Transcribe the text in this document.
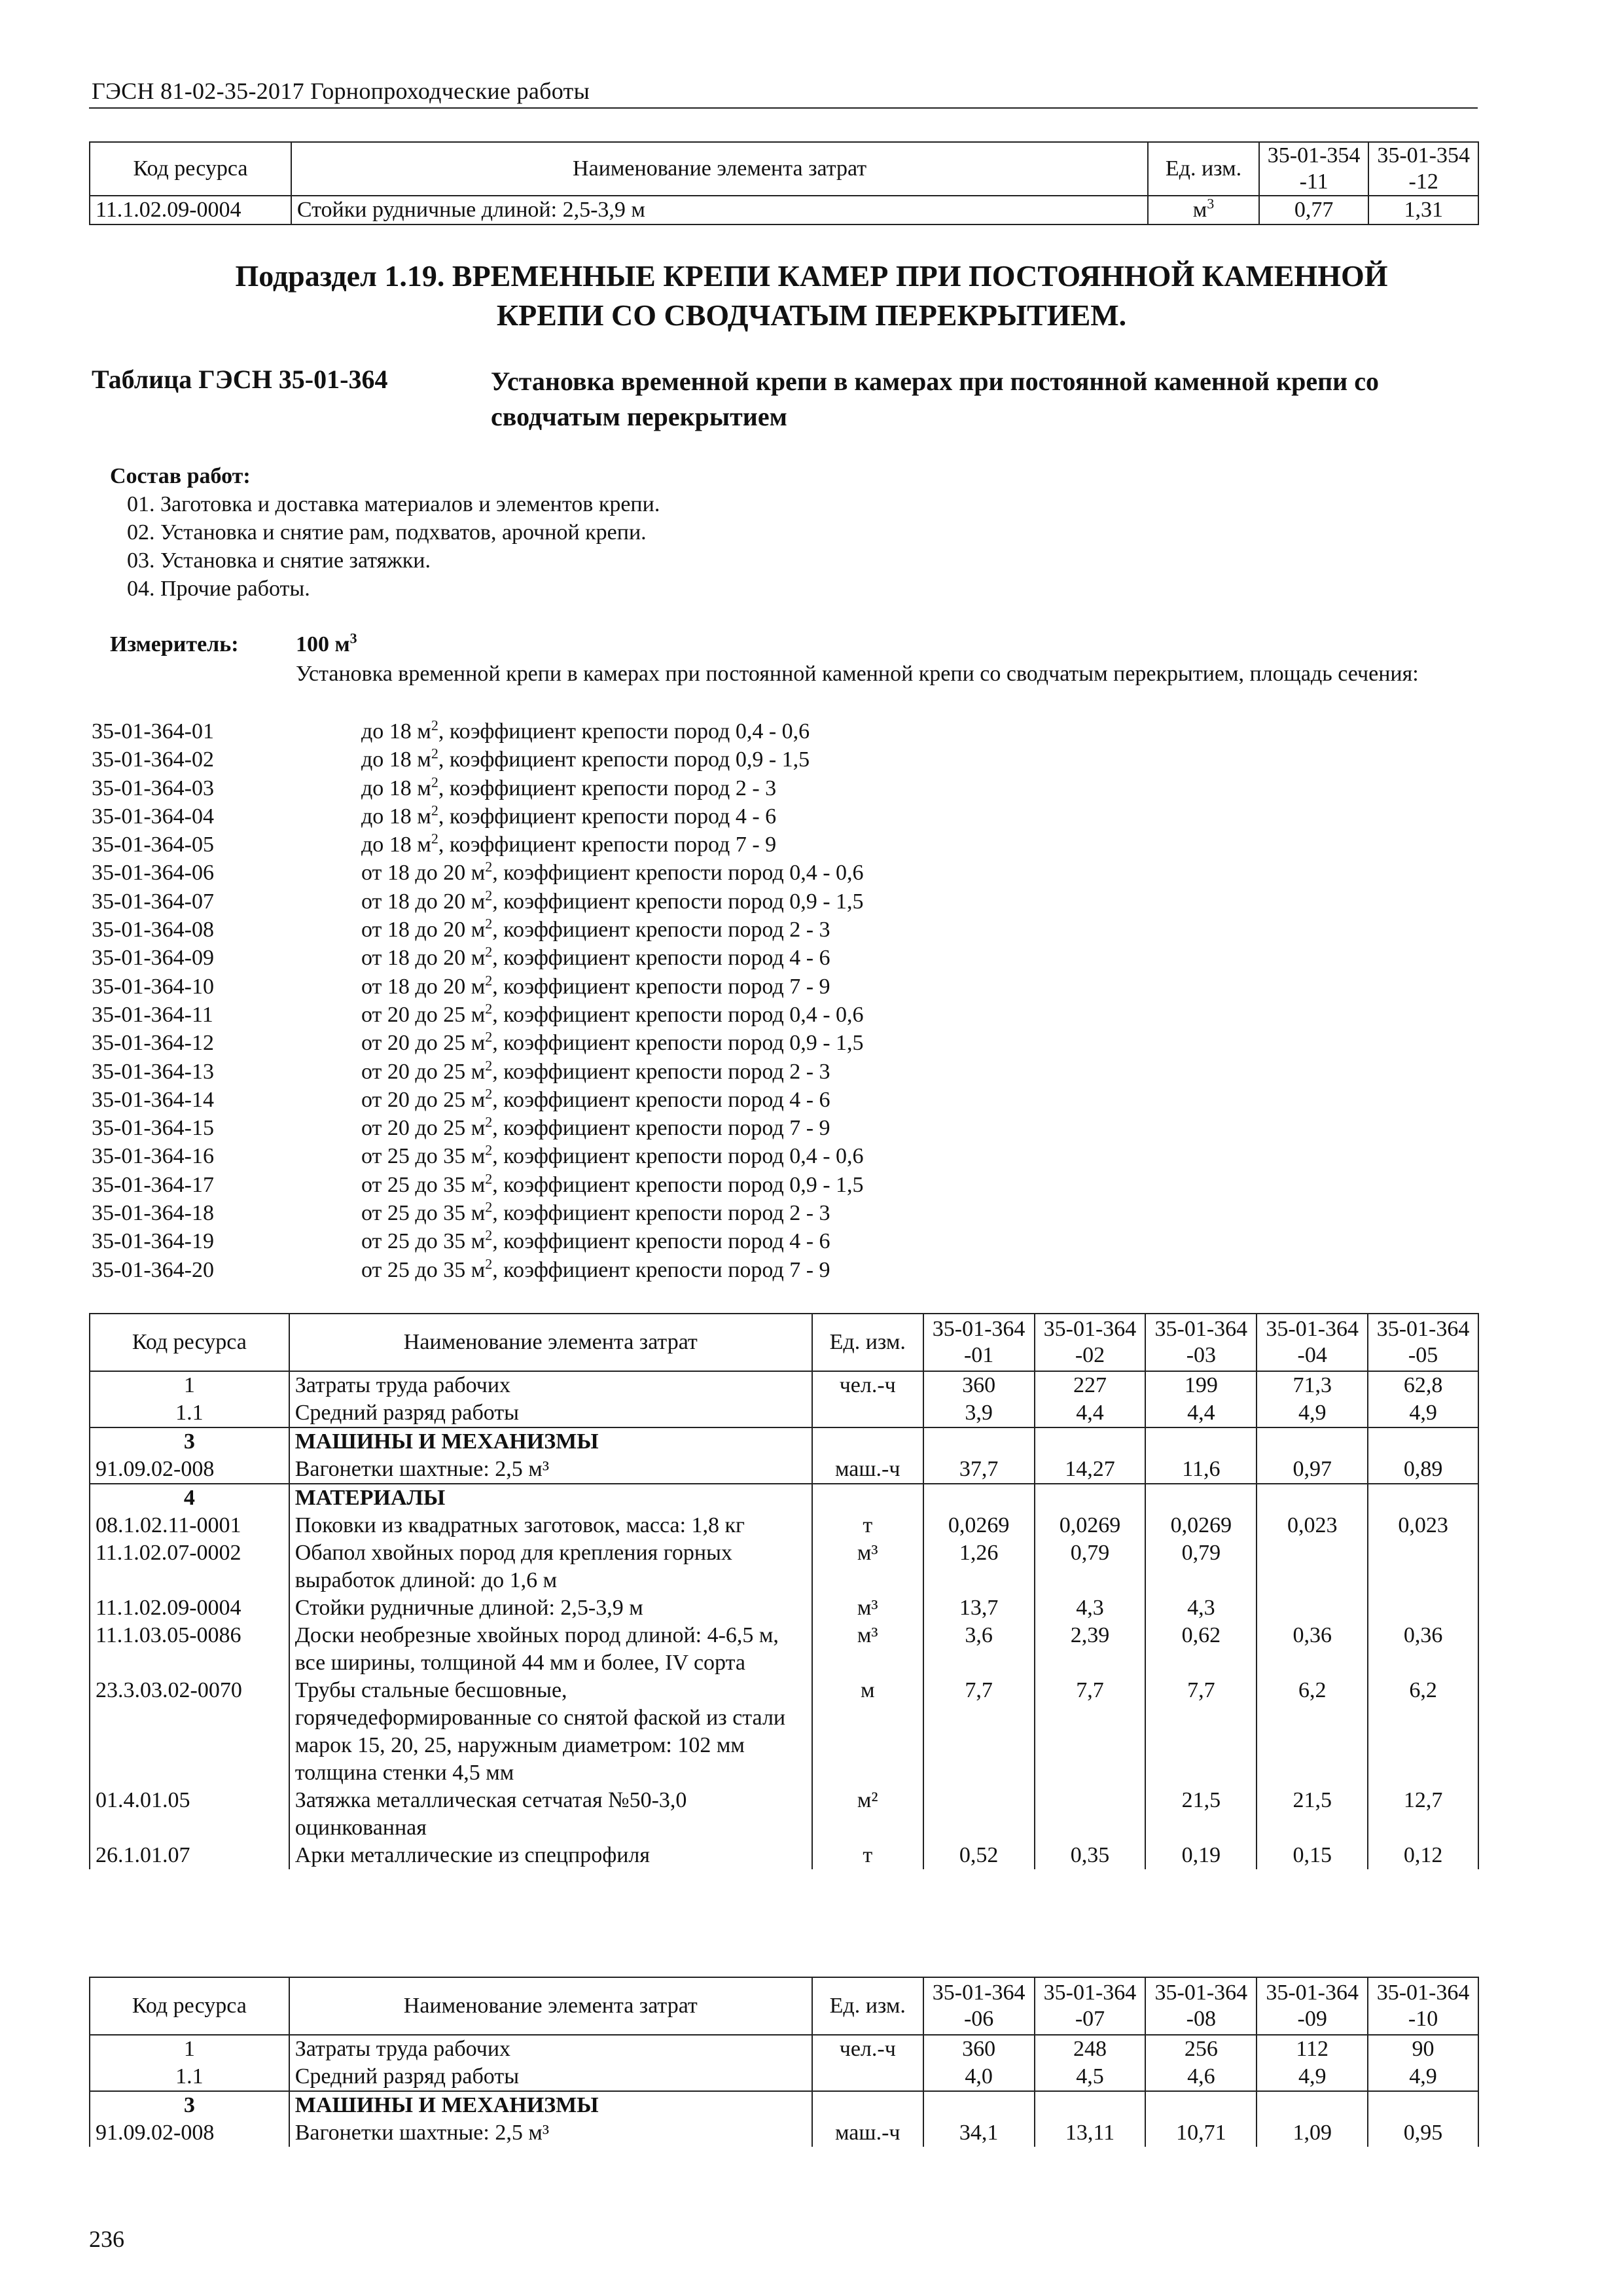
ГЭСН 81-02-35-2017 Горнопроходческие работы
Код ресурса	Наименование элемента затрат	Ед. изм.	35-01-354-11	35-01-354-12
11.1.02.09-0004	Стойки рудничные длиной: 2,5-3,9 м	$м^3$	0,77	1,31
Подраздел 1.19. ВРЕМЕННЫЕ КРЕПИ КАМЕР ПРИ ПОСТОЯННОЙ КАМЕННОЙ
КРЕПИ СО СВОДЧАТЫМ ПЕРЕКРЫТИЕМ.
Таблица ГЭСН 35-01-364	Установка временной крепи в камерах при постоянной каменной крепи со сводчатым перекрытием
Состав работ:
01. Заготовка и доставка материалов и элементов крепи.
02. Установка и снятие рам, подхватов, арочной крепи.
03. Установка и снятие затяжки.
04. Прочие работы.
Измеритель:	100 $м^3$
Установка временной крепи в камерах при постоянной каменной крепи со сводчатым перекрытием, площадь сечения:
35-01-364-01	до 18 $м^2$, коэффициент крепости пород 0,4 - 0,6
35-01-364-02	до 18 $м^2$, коэффициент крепости пород 0,9 - 1,5
35-01-364-03	до 18 $м^2$, коэффициент крепости пород 2 - 3
35-01-364-04	до 18 $м^2$, коэффициент крепости пород 4 - 6
35-01-364-05	до 18 $м^2$, коэффициент крепости пород 7 - 9
35-01-364-06	от 18 до 20 $м^2$, коэффициент крепости пород 0,4 - 0,6
35-01-364-07	от 18 до 20 $м^2$, коэффициент крепости пород 0,9 - 1,5
35-01-364-08	от 18 до 20 $м^2$, коэффициент крепости пород 2 - 3
35-01-364-09	от 18 до 20 $м^2$, коэффициент крепости пород 4 - 6
35-01-364-10	от 18 до 20 $м^2$, коэффициент крепости пород 7 - 9
35-01-364-11	от 20 до 25 $м^2$, коэффициент крепости пород 0,4 - 0,6
35-01-364-12	от 20 до 25 $м^2$, коэффициент крепости пород 0,9 - 1,5
35-01-364-13	от 20 до 25 $м^2$, коэффициент крепости пород 2 - 3
35-01-364-14	от 20 до 25 $м^2$, коэффициент крепости пород 4 - 6
35-01-364-15	от 20 до 25 $м^2$, коэффициент крепости пород 7 - 9
35-01-364-16	от 25 до 35 $м^2$, коэффициент крепости пород 0,4 - 0,6
35-01-364-17	от 25 до 35 $м^2$, коэффициент крепости пород 0,9 - 1,5
35-01-364-18	от 25 до 35 $м^2$, коэффициент крепости пород 2 - 3
35-01-364-19	от 25 до 35 $м^2$, коэффициент крепости пород 4 - 6
35-01-364-20	от 25 до 35 $м^2$, коэффициент крепости пород 7 - 9
Код ресурса	Наименование элемента затрат	Ед. изм.	35-01-364-01	35-01-364-02	35-01-364-03	35-01-364-04	35-01-364-05
1	Затраты труда рабочих	чел.-ч	360	227	199	71,3	62,8
1.1	Средний разряд работы		3,9	4,4	4,4	4,9	4,9
3	МАШИНЫ И МЕХАНИЗМЫ						
91.09.02-008	Вагонетки шахтные: 2,5 м³	маш.-ч	37,7	14,27	11,6	0,97	0,89
4	МАТЕРИАЛЫ						
08.1.02.11-0001	Поковки из квадратных заготовок, масса: 1,8 кг	т	0,0269	0,0269	0,0269	0,023	0,023
11.1.02.07-0002	Обапол хвойных пород для крепления горных выработок длиной: до 1,6 м	м³	1,26	0,79	0,79		
11.1.02.09-0004	Стойки рудничные длиной: 2,5-3,9 м	м³	13,7	4,3	4,3		
11.1.03.05-0086	Доски необрезные хвойных пород длиной: 4-6,5 м, все ширины, толщиной 44 мм и более, IV сорта	м³	3,6	2,39	0,62	0,36	0,36
23.3.03.02-0070	Трубы стальные бесшовные, горячедеформированные со снятой фаской из стали марок 15, 20, 25, наружным диаметром: 102 мм толщина стенки 4,5 мм	м	7,7	7,7	7,7	6,2	6,2
01.4.01.05	Затяжка металлическая сетчатая №50-3,0 оцинкованная	м²			21,5	21,5	12,7
26.1.01.07	Арки металлические из спецпрофиля	т	0,52	0,35	0,19	0,15	0,12
Код ресурса	Наименование элемента затрат	Ед. изм.	35-01-364-06	35-01-364-07	35-01-364-08	35-01-364-09	35-01-364-10
1	Затраты труда рабочих	чел.-ч	360	248	256	112	90
1.1	Средний разряд работы		4,0	4,5	4,6	4,9	4,9
3	МАШИНЫ И МЕХАНИЗМЫ						
91.09.02-008	Вагонетки шахтные: 2,5 м³	маш.-ч	34,1	13,11	10,71	1,09	0,95
236
